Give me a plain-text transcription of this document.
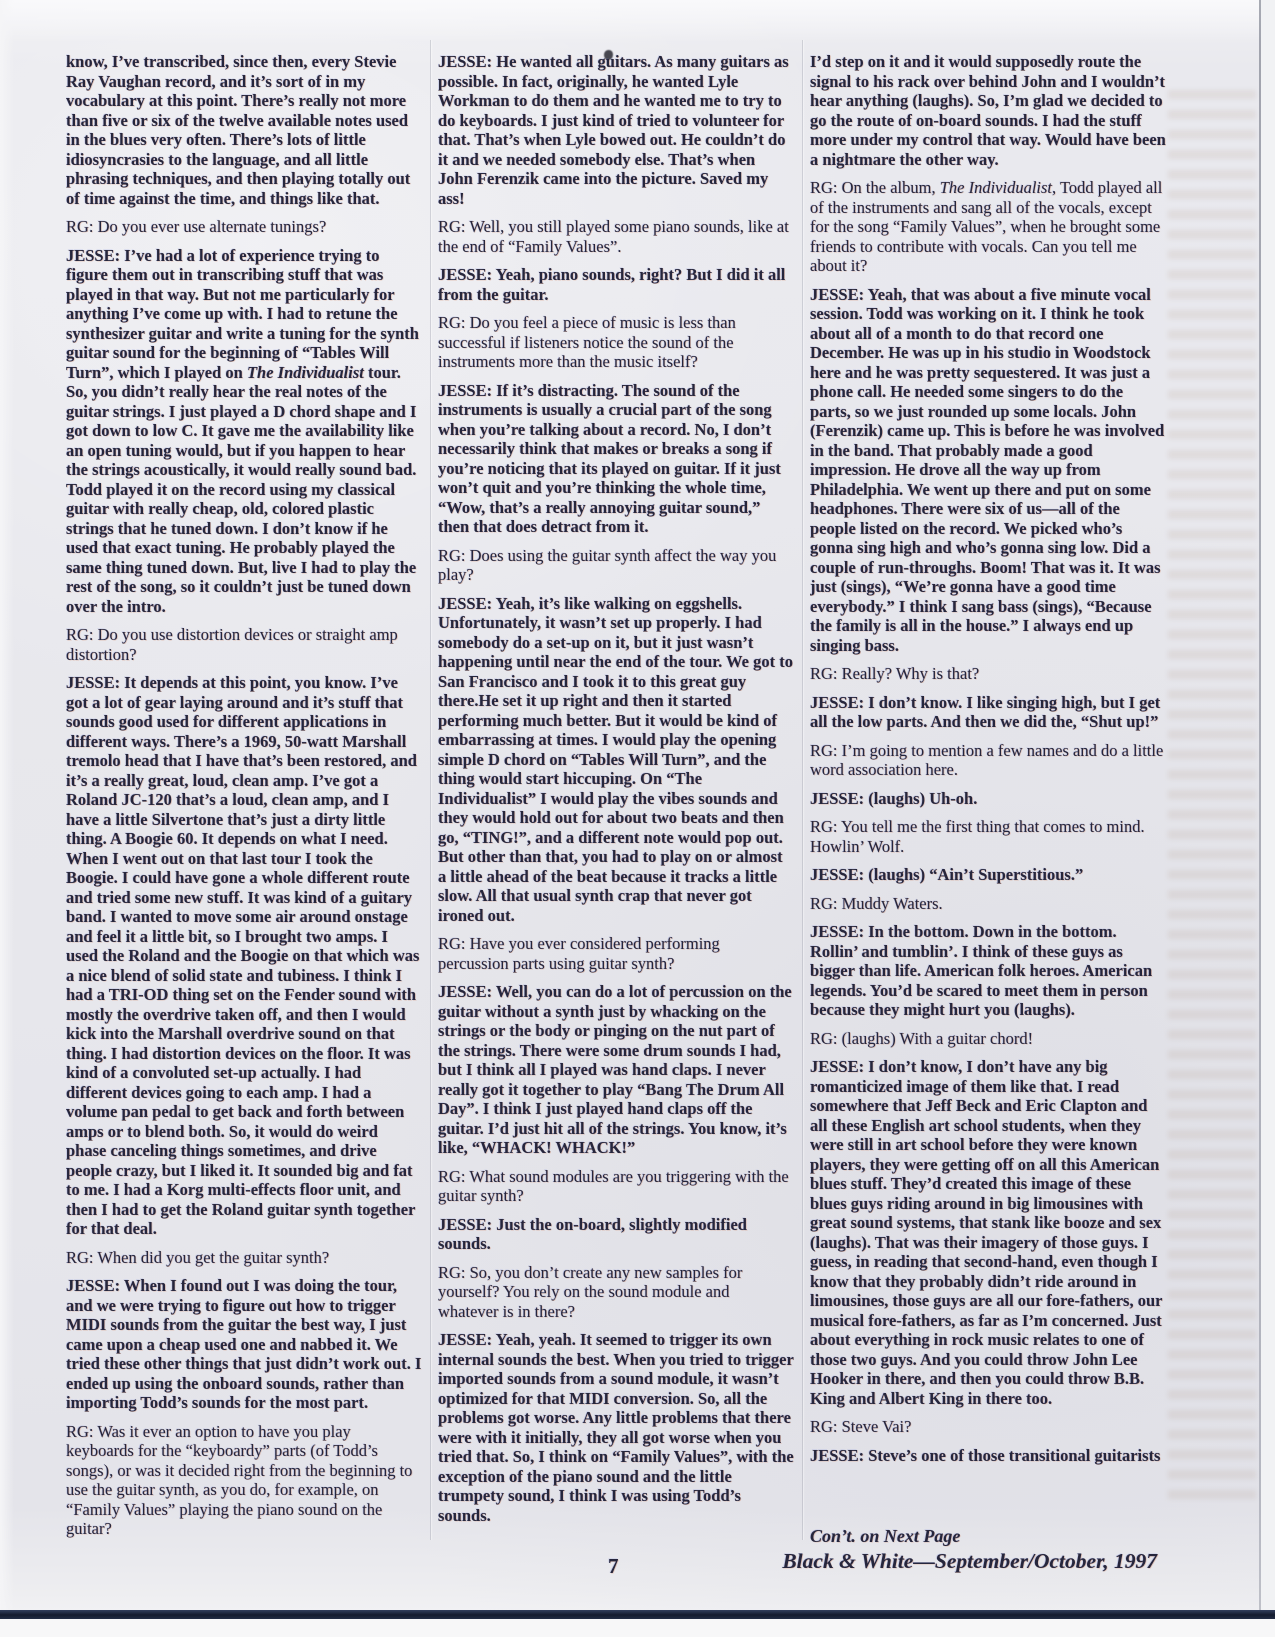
know, I’ve transcribed, since then, every Stevie Ray Vaughan record, and it’s sort of in my vocabulary at this point. There’s really not more than five or six of the twelve available notes used in the blues very often. There’s lots of little idiosyncrasies to the language, and all little phrasing techniques, and then playing totally out of time against the time, and things like that.

RG: Do you ever use alternate tunings?

JESSE: I’ve had a lot of experience trying to figure them out in transcribing stuff that was played in that way. But not me particularly for anything I’ve come up with. I had to retune the synthesizer guitar and write a tuning for the synth guitar sound for the beginning of “Tables Will Turn”, which I played on The Individualist tour. So, you didn’t really hear the real notes of the guitar strings. I just played a D chord shape and I got down to low C. It gave me the availability like an open tuning would, but if you happen to hear the strings acoustically, it would really sound bad. Todd played it on the record using my classical guitar with really cheap, old, colored plastic strings that he tuned down. I don’t know if he used that exact tuning. He probably played the same thing tuned down. But, live I had to play the rest of the song, so it couldn’t just be tuned down over the intro.

RG: Do you use distortion devices or straight amp distortion?

JESSE: It depends at this point, you know. I’ve got a lot of gear laying around and it’s stuff that sounds good used for different applications in different ways. There’s a 1969, 50-watt Marshall tremolo head that I have that’s been restored, and it’s a really great, loud, clean amp. I’ve got a Roland JC-120 that’s a loud, clean amp, and I have a little Silvertone that’s just a dirty little thing. A Boogie 60. It depends on what I need. When I went out on that last tour I took the Boogie. I could have gone a whole different route and tried some new stuff. It was kind of a guitary band. I wanted to move some air around onstage and feel it a little bit, so I brought two amps. I used the Roland and the Boogie on that which was a nice blend of solid state and tubiness. I think I had a TRI-OD thing set on the Fender sound with mostly the overdrive taken off, and then I would kick into the Marshall overdrive sound on that thing. I had distortion devices on the floor. It was kind of a convoluted set-up actually. I had different devices going to each amp. I had a volume pan pedal to get back and forth between amps or to blend both. So, it would do weird phase canceling things sometimes, and drive people crazy, but I liked it. It sounded big and fat to me. I had a Korg multi-effects floor unit, and then I had to get the Roland guitar synth together for that deal.

RG: When did you get the guitar synth?

JESSE: When I found out I was doing the tour, and we were trying to figure out how to trigger MIDI sounds from the guitar the best way, I just came upon a cheap used one and nabbed it. We tried these other things that just didn’t work out. I ended up using the onboard sounds, rather than importing Todd’s sounds for the most part.

RG: Was it ever an option to have you play keyboards for the “keyboardy” parts (of Todd’s songs), or was it decided right from the beginning to use the guitar synth, as you do, for example, on “Family Values” playing the piano sound on the guitar?

JESSE: He wanted all guitars. As many guitars as possible. In fact, originally, he wanted Lyle Workman to do them and he wanted me to try to do keyboards. I just kind of tried to volunteer for that. That’s when Lyle bowed out. He couldn’t do it and we needed somebody else. That’s when John Ferenzik came into the picture. Saved my ass!

RG: Well, you still played some piano sounds, like at the end of “Family Values”.

JESSE: Yeah, piano sounds, right? But I did it all from the guitar.

RG: Do you feel a piece of music is less than successful if listeners notice the sound of the instruments more than the music itself?

JESSE: If it’s distracting. The sound of the instruments is usually a crucial part of the song when you’re talking about a record. No, I don’t necessarily think that makes or breaks a song if you’re noticing that its played on guitar. If it just won’t quit and you’re thinking the whole time, “Wow, that’s a really annoying guitar sound,” then that does detract from it.

RG: Does using the guitar synth affect the way you play?

JESSE: Yeah, it’s like walking on eggshells. Unfortunately, it wasn’t set up properly. I had somebody do a set-up on it, but it just wasn’t happening until near the end of the tour. We got to San Francisco and I took it to this great guy there.He set it up right and then it started performing much better. But it would be kind of embarrassing at times. I would play the opening simple D chord on “Tables Will Turn”, and the thing would start hiccuping. On “The Individualist” I would play the vibes sounds and they would hold out for about two beats and then go, “TING!”, and a different note would pop out. But other than that, you had to play on or almost a little ahead of the beat because it tracks a little slow. All that usual synth crap that never got ironed out.

RG: Have you ever considered performing percussion parts using guitar synth?

JESSE: Well, you can do a lot of percussion on the guitar without a synth just by whacking on the strings or the body or pinging on the nut part of the strings. There were some drum sounds I had, but I think all I played was hand claps. I never really got it together to play “Bang The Drum All Day”. I think I just played hand claps off the guitar. I’d just hit all of the strings. You know, it’s like, “WHACK! WHACK!”

RG: What sound modules are you triggering with the guitar synth?

JESSE: Just the on-board, slightly modified sounds.

RG: So, you don’t create any new samples for yourself? You rely on the sound module and whatever is in there?

JESSE: Yeah, yeah. It seemed to trigger its own internal sounds the best. When you tried to trigger imported sounds from a sound module, it wasn’t optimized for that MIDI conversion. So, all the problems got worse. Any little problems that there were with it initially, they all got worse when you tried that. So, I think on “Family Values”, with the exception of the piano sound and the little trumpety sound, I think I was using Todd’s sounds.

I’d step on it and it would supposedly route the signal to his rack over behind John and I wouldn’t hear anything (laughs). So, I’m glad we decided to go the route of on-board sounds. I had the stuff more under my control that way. Would have been a nightmare the other way.

RG: On the album, The Individualist, Todd played all of the instruments and sang all of the vocals, except for the song “Family Values”, when he brought some friends to contribute with vocals. Can you tell me about it?

JESSE: Yeah, that was about a five minute vocal session. Todd was working on it. I think he took about all of a month to do that record one December. He was up in his studio in Woodstock here and he was pretty sequestered. It was just a phone call. He needed some singers to do the parts, so we just rounded up some locals. John (Ferenzik) came up. This is before he was involved in the band. That probably made a good impression. He drove all the way up from Philadelphia. We went up there and put on some headphones. There were six of us—all of the people listed on the record. We picked who’s gonna sing high and who’s gonna sing low. Did a couple of run-throughs. Boom! That was it. It was just (sings), “We’re gonna have a good time everybody.” I think I sang bass (sings), “Because the family is all in the house.” I always end up singing bass.

RG: Really? Why is that?

JESSE: I don’t know. I like singing high, but I get all the low parts. And then we did the, “Shut up!”

RG: I’m going to mention a few names and do a little word association here.

JESSE: (laughs) Uh-oh.

RG: You tell me the first thing that comes to mind. Howlin’ Wolf.

JESSE: (laughs) “Ain’t Superstitious.”

RG: Muddy Waters.

JESSE: In the bottom. Down in the bottom. Rollin’ and tumblin’. I think of these guys as bigger than life. American folk heroes. American legends. You’d be scared to meet them in person because they might hurt you (laughs).

RG: (laughs) With a guitar chord!

JESSE: I don’t know, I don’t have any big romanticized image of them like that. I read somewhere that Jeff Beck and Eric Clapton and all these English art school students, when they were still in art school before they were known players, they were getting off on all this American blues stuff. They’d created this image of these blues guys riding around in big limousines with great sound systems, that stank like booze and sex (laughs). That was their imagery of those guys. I guess, in reading that second-hand, even though I know that they probably didn’t ride around in limousines, those guys are all our fore-fathers, our musical fore-fathers, as far as I’m concerned. Just about everything in rock music relates to one of those two guys. And you could throw John Lee Hooker in there, and then you could throw B.B. King and Albert King in there too.

RG: Steve Vai?

JESSE: Steve’s one of those transitional guitarists

Con’t. on Next Page

7	Black & White—September/October, 1997
